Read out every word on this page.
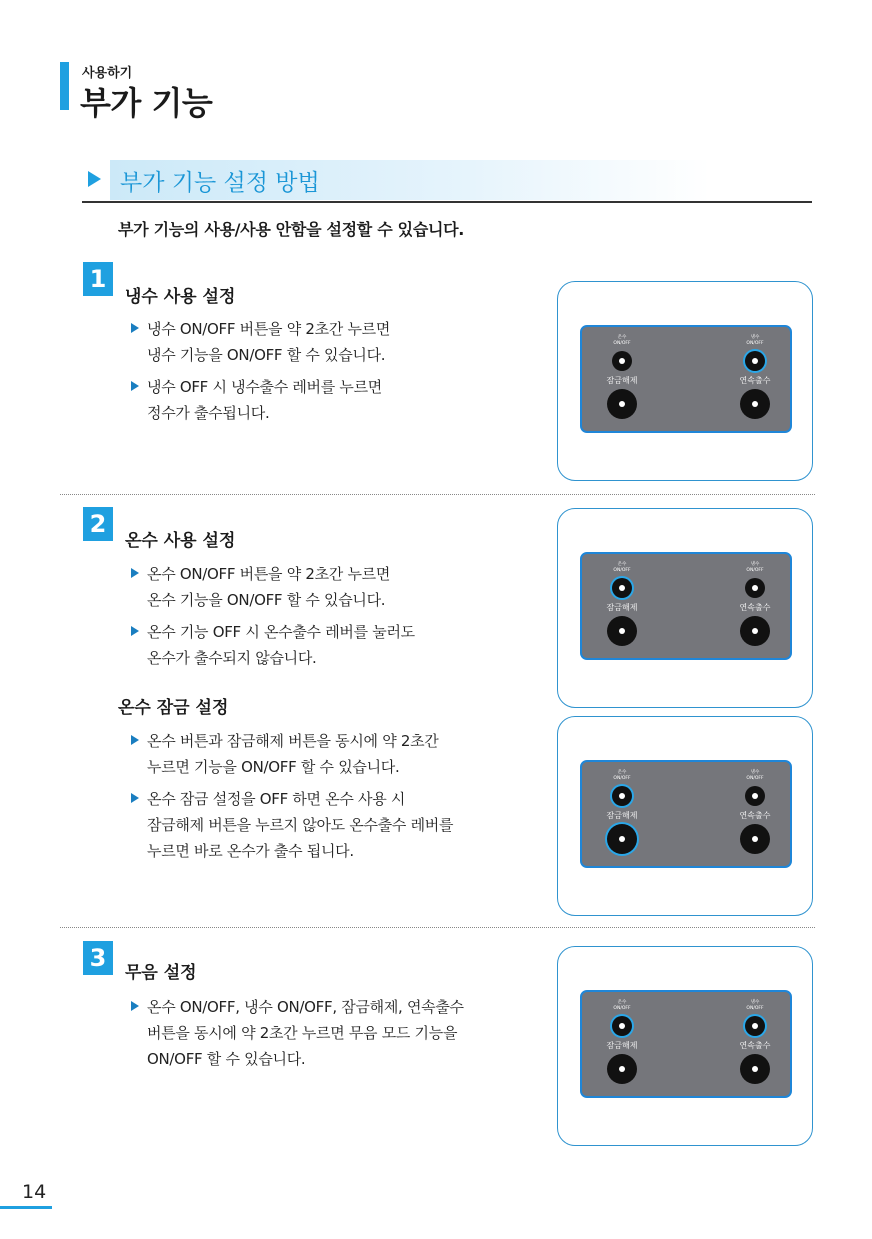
사용하기
부가 기능
부가 기능 설정 방법
부가 기능의 사용/사용 안함을 설정할 수 있습니다.
1
냉수 사용 설정
냉수 ON/OFF 버튼을 약 2초간 누르면
냉수 기능을 ON/OFF 할 수 있습니다.
냉수 OFF 시 냉수출수 레버를 누르면
정수가 출수됩니다.
2
온수 사용 설정
온수 ON/OFF 버튼을 약 2초간 누르면
온수 기능을 ON/OFF 할 수 있습니다.
온수 기능 OFF 시 온수출수 레버를 눌러도
온수가 출수되지 않습니다.
온수 잠금 설정
온수 버튼과 잠금해제 버튼을 동시에 약 2초간
누르면 기능을 ON/OFF 할 수 있습니다.
온수 잠금 설정을 OFF 하면 온수 사용 시
잠금해제 버튼을 누르지 않아도 온수출수 레버를
누르면 바로 온수가 출수 됩니다.
3
무음 설정
온수 ON/OFF, 냉수 ON/OFF, 잠금해제, 연속출수
버튼을 동시에 약 2초간 누르면 무음 모드 기능을
ON/OFF 할 수 있습니다.
온수
ON/OFF
잠금해제
냉수
ON/OFF
연속출수
온수
ON/OFF
잠금해제
냉수
ON/OFF
연속출수
온수
ON/OFF
잠금해제
냉수
ON/OFF
연속출수
온수
ON/OFF
잠금해제
냉수
ON/OFF
연속출수
14
